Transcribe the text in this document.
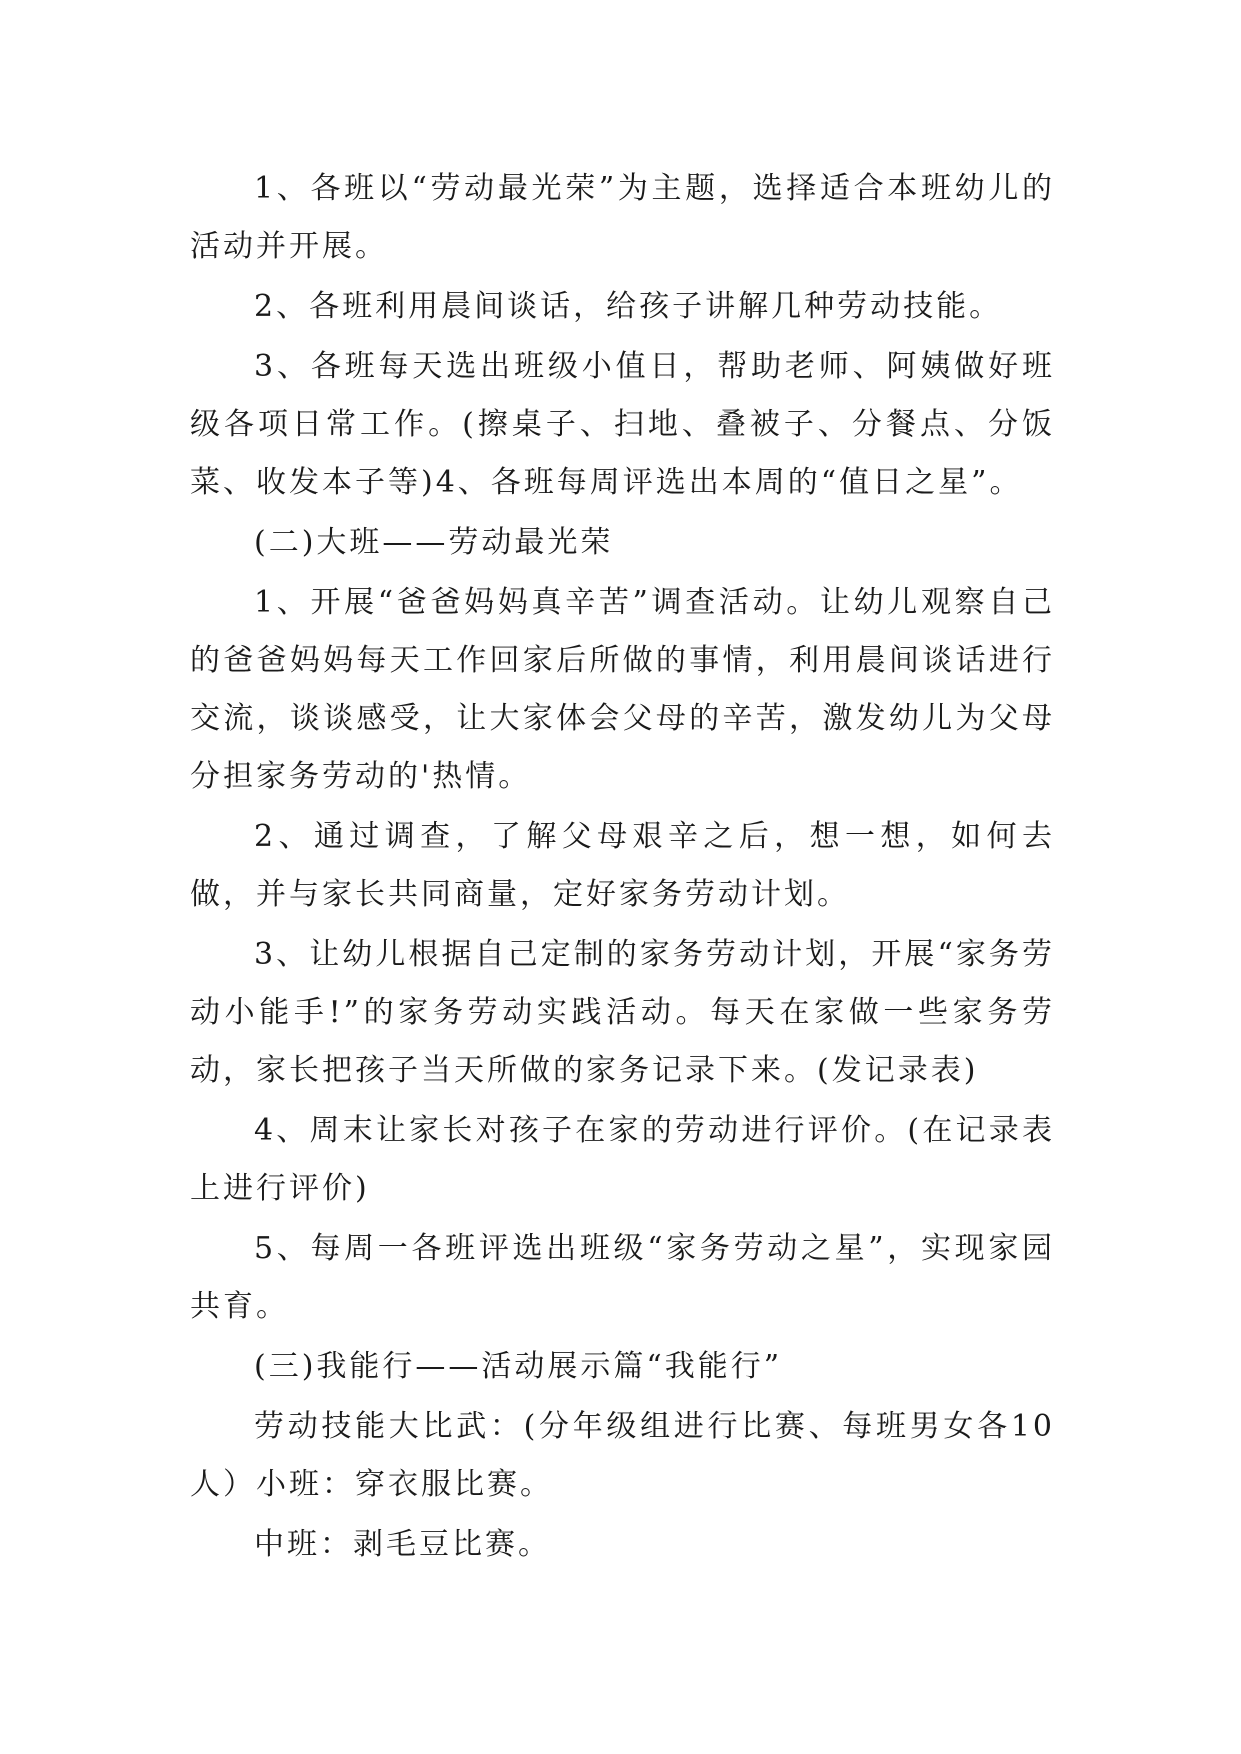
1、各班以“劳动最光荣”为主题，选择适合本班幼儿的活动并开展。

2、各班利用晨间谈话，给孩子讲解几种劳动技能。

3、各班每天选出班级小值日，帮助老师、阿姨做好班级各项日常工作。(擦桌子、扫地、叠被子、分餐点、分饭菜、收发本子等)4、各班每周评选出本周的“值日之星”。

(二)大班——劳动最光荣

1、开展“爸爸妈妈真辛苦”调查活动。让幼儿观察自己的爸爸妈妈每天工作回家后所做的事情，利用晨间谈话进行交流，谈谈感受，让大家体会父母的辛苦，激发幼儿为父母分担家务劳动的'热情。

2、通过调查，了解父母艰辛之后，想一想，如何去做，并与家长共同商量，定好家务劳动计划。

3、让幼儿根据自己定制的家务劳动计划，开展“家务劳动小能手!”的家务劳动实践活动。每天在家做一些家务劳动，家长把孩子当天所做的家务记录下来。(发记录表)

4、周末让家长对孩子在家的劳动进行评价。(在记录表上进行评价)

5、每周一各班评选出班级“家务劳动之星”，实现家园共育。

(三)我能行——活动展示篇“我能行”

劳动技能大比武：(分年级组进行比赛、每班男女各10人）小班：穿衣服比赛。

中班：剥毛豆比赛。
